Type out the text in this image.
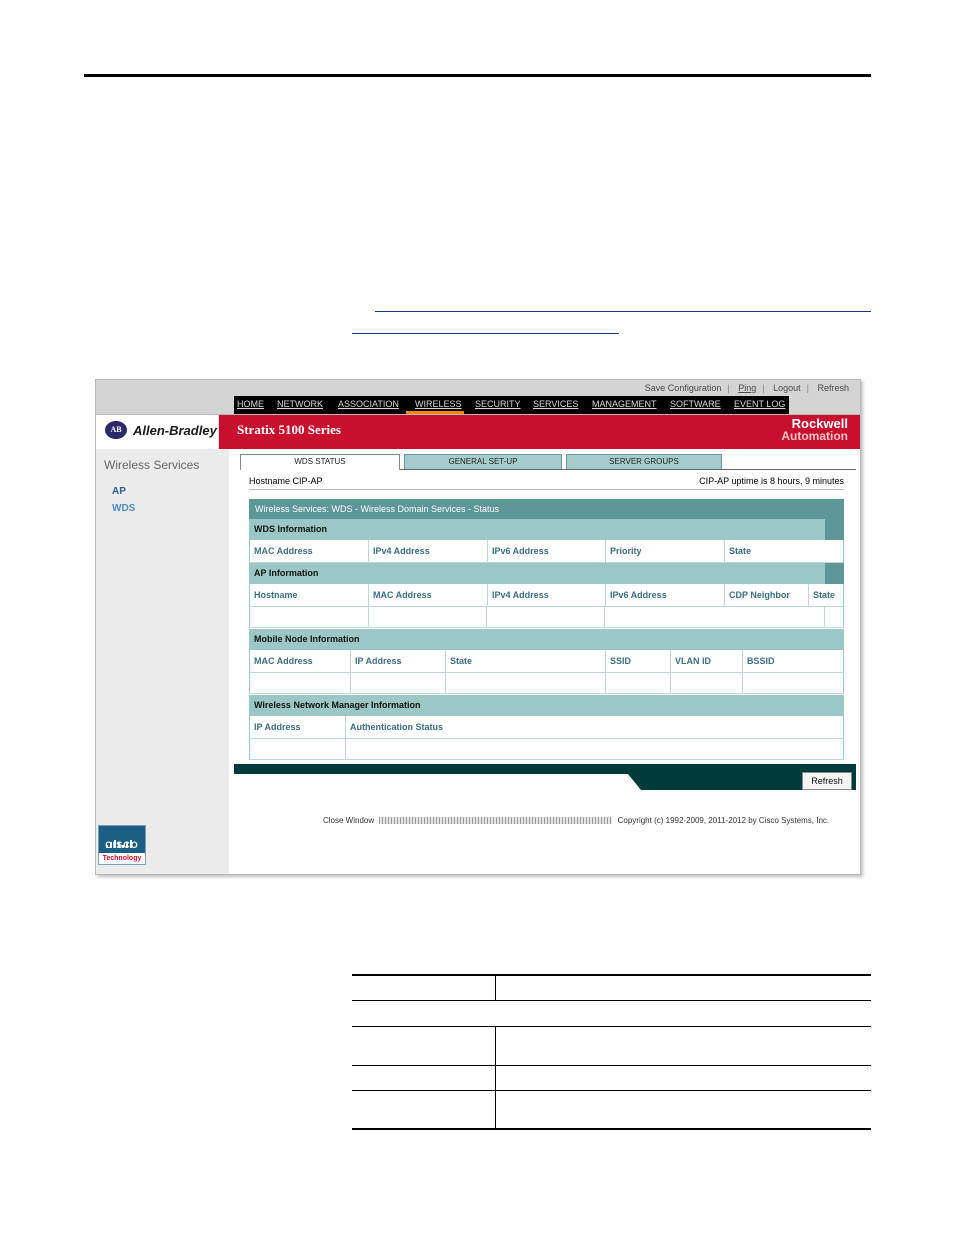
Save Configuration | Ping | Logout | Refresh
HOME NETWORK ASSOCIATION WIRELESS SECURITY SERVICES MANAGEMENT SOFTWARE EVENT LOG
AB Allen-Bradley Stratix 5100 Series	Rockwell
Automation
Wireless Services
AP
WDS
CISCO
Technology
WDS STATUS	GENERAL SET-UP	SERVER GROUPS
Hostname CIP-AP	CIP-AP uptime is 8 hours, 9 minutes
Wireless Services: WDS - Wireless Domain Services - Status
WDS Information
MAC Address	IPv4 Address	IPv6 Address	Priority	State
AP Information
Hostname	MAC Address	IPv4 Address	IPv6 Address	CDP Neighbor	State
Mobile Node Information
MAC Address	IP Address	State	SSID	VLAN ID	BSSID
Wireless Network Manager Information
IP Address	Authentication Status
Refresh
Close Window	Copyright (c) 1992-2009, 2011-2012 by Cisco Systems, Inc.
